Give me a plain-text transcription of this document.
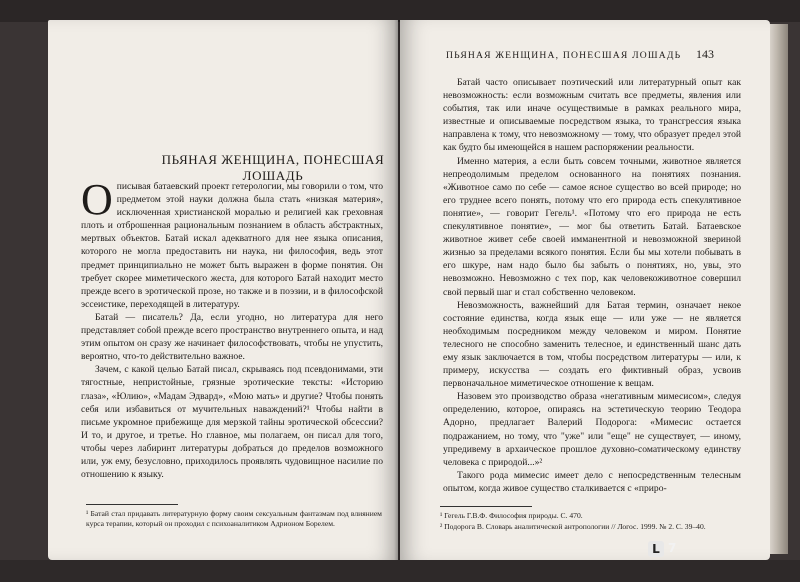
ПЬЯНАЯ ЖЕНЩИНА, ПОНЕСШАЯ ЛОШАДЬ
О писывая батаевский проект гетерологии, мы говорили о том, что предметом этой науки должна была стать «низкая материя», исключенная христианской моралью и религией как греховная плоть и отброшенная рациональным познанием в область абстрактных, мертвых объектов. Батай искал адекватного для нее языка описания, которого не могла предоставить ни наука, ни философия, ведь этот предмет принципиально не может быть выражен в форме понятия. Он требует скорее миметического жеста, для которого Батай находит место прежде всего в эротической прозе, но также и в поэзии, и в философской эссеистике, переходящей в литературу.

Батай — писатель? Да, если угодно, но литература для него представляет собой прежде всего пространство внутреннего опыта, и над этим опытом он сразу же начинает философствовать, чтобы не упустить, вероятно, что-то действительно важное.

Зачем, с какой целью Батай писал, скрываясь под псевдонимами, эти тягостные, непристойные, грязные эротические тексты: «Историю глаза», «Юлию», «Мадам Эдвард», «Мою мать» и другие? Чтобы понять себя или избавиться от мучительных наваждений?¹ Чтобы найти в письме укромное прибежище для мерзкой тайны эротической обсессии? И то, и другое, и третье. Но главное, мы полагаем, он писал для того, чтобы через лабиринт литературы добраться до пределов возможного или, уж ему, безусловно, приходилось проявлять чудовищное насилие по отношению к языку.

¹ Батай стал придавать литературную форму своим сексуальным фантазмам под влиянием курса терапии, который он проходил с психоаналитиком Адрионом Борелем.
ПЬЯНАЯ ЖЕНЩИНА, ПОНЕСШАЯ ЛОШАДЬ 143

Батай часто описывает поэтический или литературный опыт как невозможность: если возможным считать все предметы, явления или события, так или иначе осуществимые в рамках реального мира, известные и описываемые посредством языка, то трансгрессия языка направлена к тому, что невозможному — тому, что образует предел этой как будто бы имеющейся в нашем распоряжении реальности.

Именно материя, а если быть совсем точными, животное является непреодолимым пределом основанного на понятиях познания. «Животное само по себе — самое ясное существо во всей природе; но его труднее всего понять, потому что его природа есть спекулятивное понятие», — говорит Гегель¹. «Потому что его природа не есть спекулятивное понятие», — мог бы ответить Батай. Батаевское животное живет себе своей имманентной и невозможной звериной жизнью за пределами всякого понятия. Если бы мы хотели побывать в его шкуре, нам надо было бы забыть о понятиях, но, увы, это невозможно. Невозможно с тех пор, как человекоживотное совершил свой первый шаг и стал собственно человеком.

Невозможность, важнейший для Батая термин, означает некое состояние единства, когда язык еще — или уже — не является необходимым посредником между человеком и миром. Понятие телесного не способно заменить телесное, и единственный шанс дать ему язык заключается в том, чтобы посредством литературы — или, к примеру, искусства — создать его фиктивный образ, усвоив первоначальное миметическое отношение к вещам.

Назовем это производство образа «негативным мимесисом», следуя определению, которое, опираясь на эстетическую теорию Теодора Адорно, предлагает Валерий Подорога: «Мимесис остается подражанием, но тому, что "уже" или "еще" не существует, — иному, упредивему в архаическое прошлое духовно-соматическому единству человека с природой...»²

Такого рода мимесис имеет дело с непосредственным телесным опытом, когда живое существо сталкивается с «приро-

¹ Гегель Г.В.Ф. Философия природы. С. 470.
² Подорога В. Словарь аналитической антропологии // Логос. 1999. № 2. С. 39–40.
L 7
